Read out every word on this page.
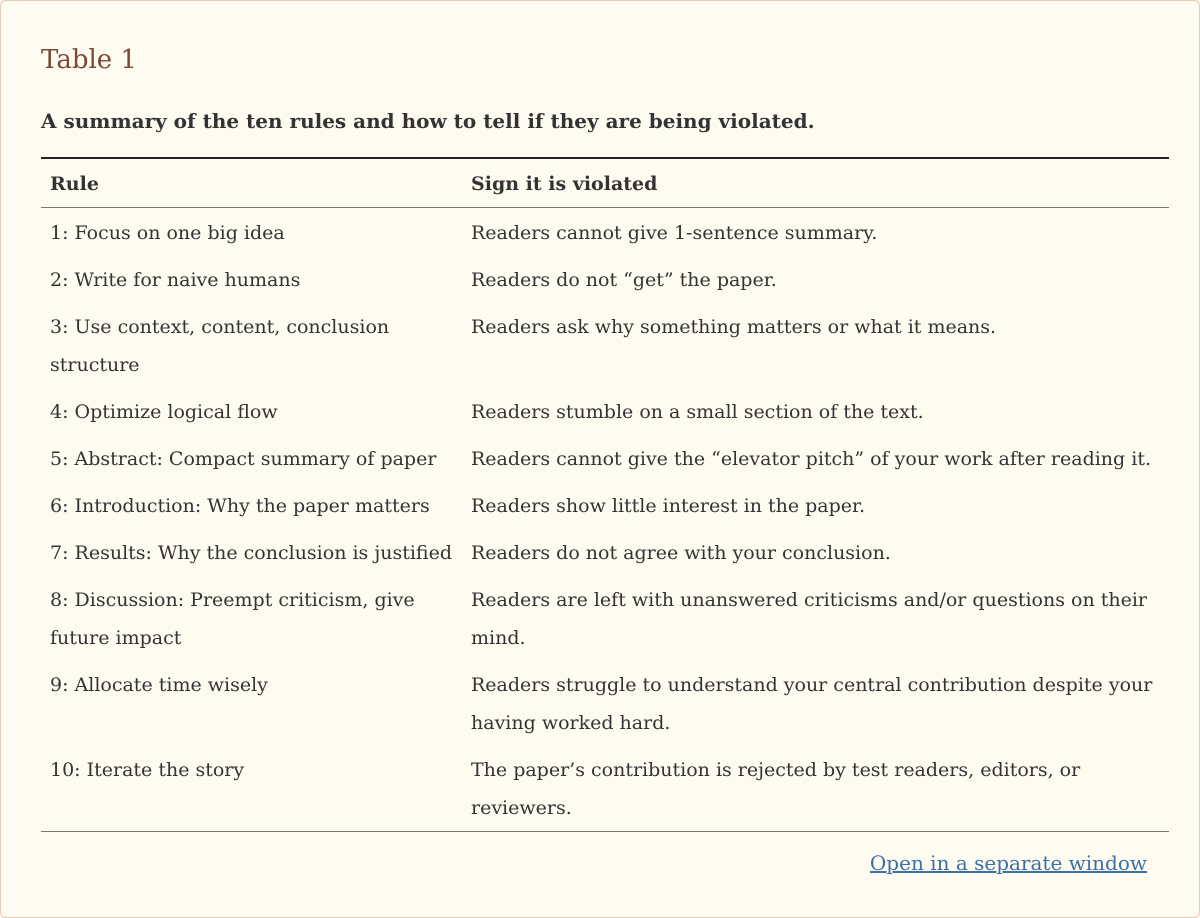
Table 1

A summary of the ten rules and how to tell if they are being violated.

Rule	Sign it is violated
1: Focus on one big idea	Readers cannot give 1-sentence summary.
2: Write for naive humans	Readers do not “get” the paper.
3: Use context, content, conclusion structure	Readers ask why something matters or what it means.
4: Optimize logical flow	Readers stumble on a small section of the text.
5: Abstract: Compact summary of paper	Readers cannot give the “elevator pitch” of your work after reading it.
6: Introduction: Why the paper matters	Readers show little interest in the paper.
7: Results: Why the conclusion is justified	Readers do not agree with your conclusion.
8: Discussion: Preempt criticism, give future impact	Readers are left with unanswered criticisms and/or questions on their mind.
9: Allocate time wisely	Readers struggle to understand your central contribution despite your having worked hard.
10: Iterate the story	The paper’s contribution is rejected by test readers, editors, or reviewers.
Open in a separate window
